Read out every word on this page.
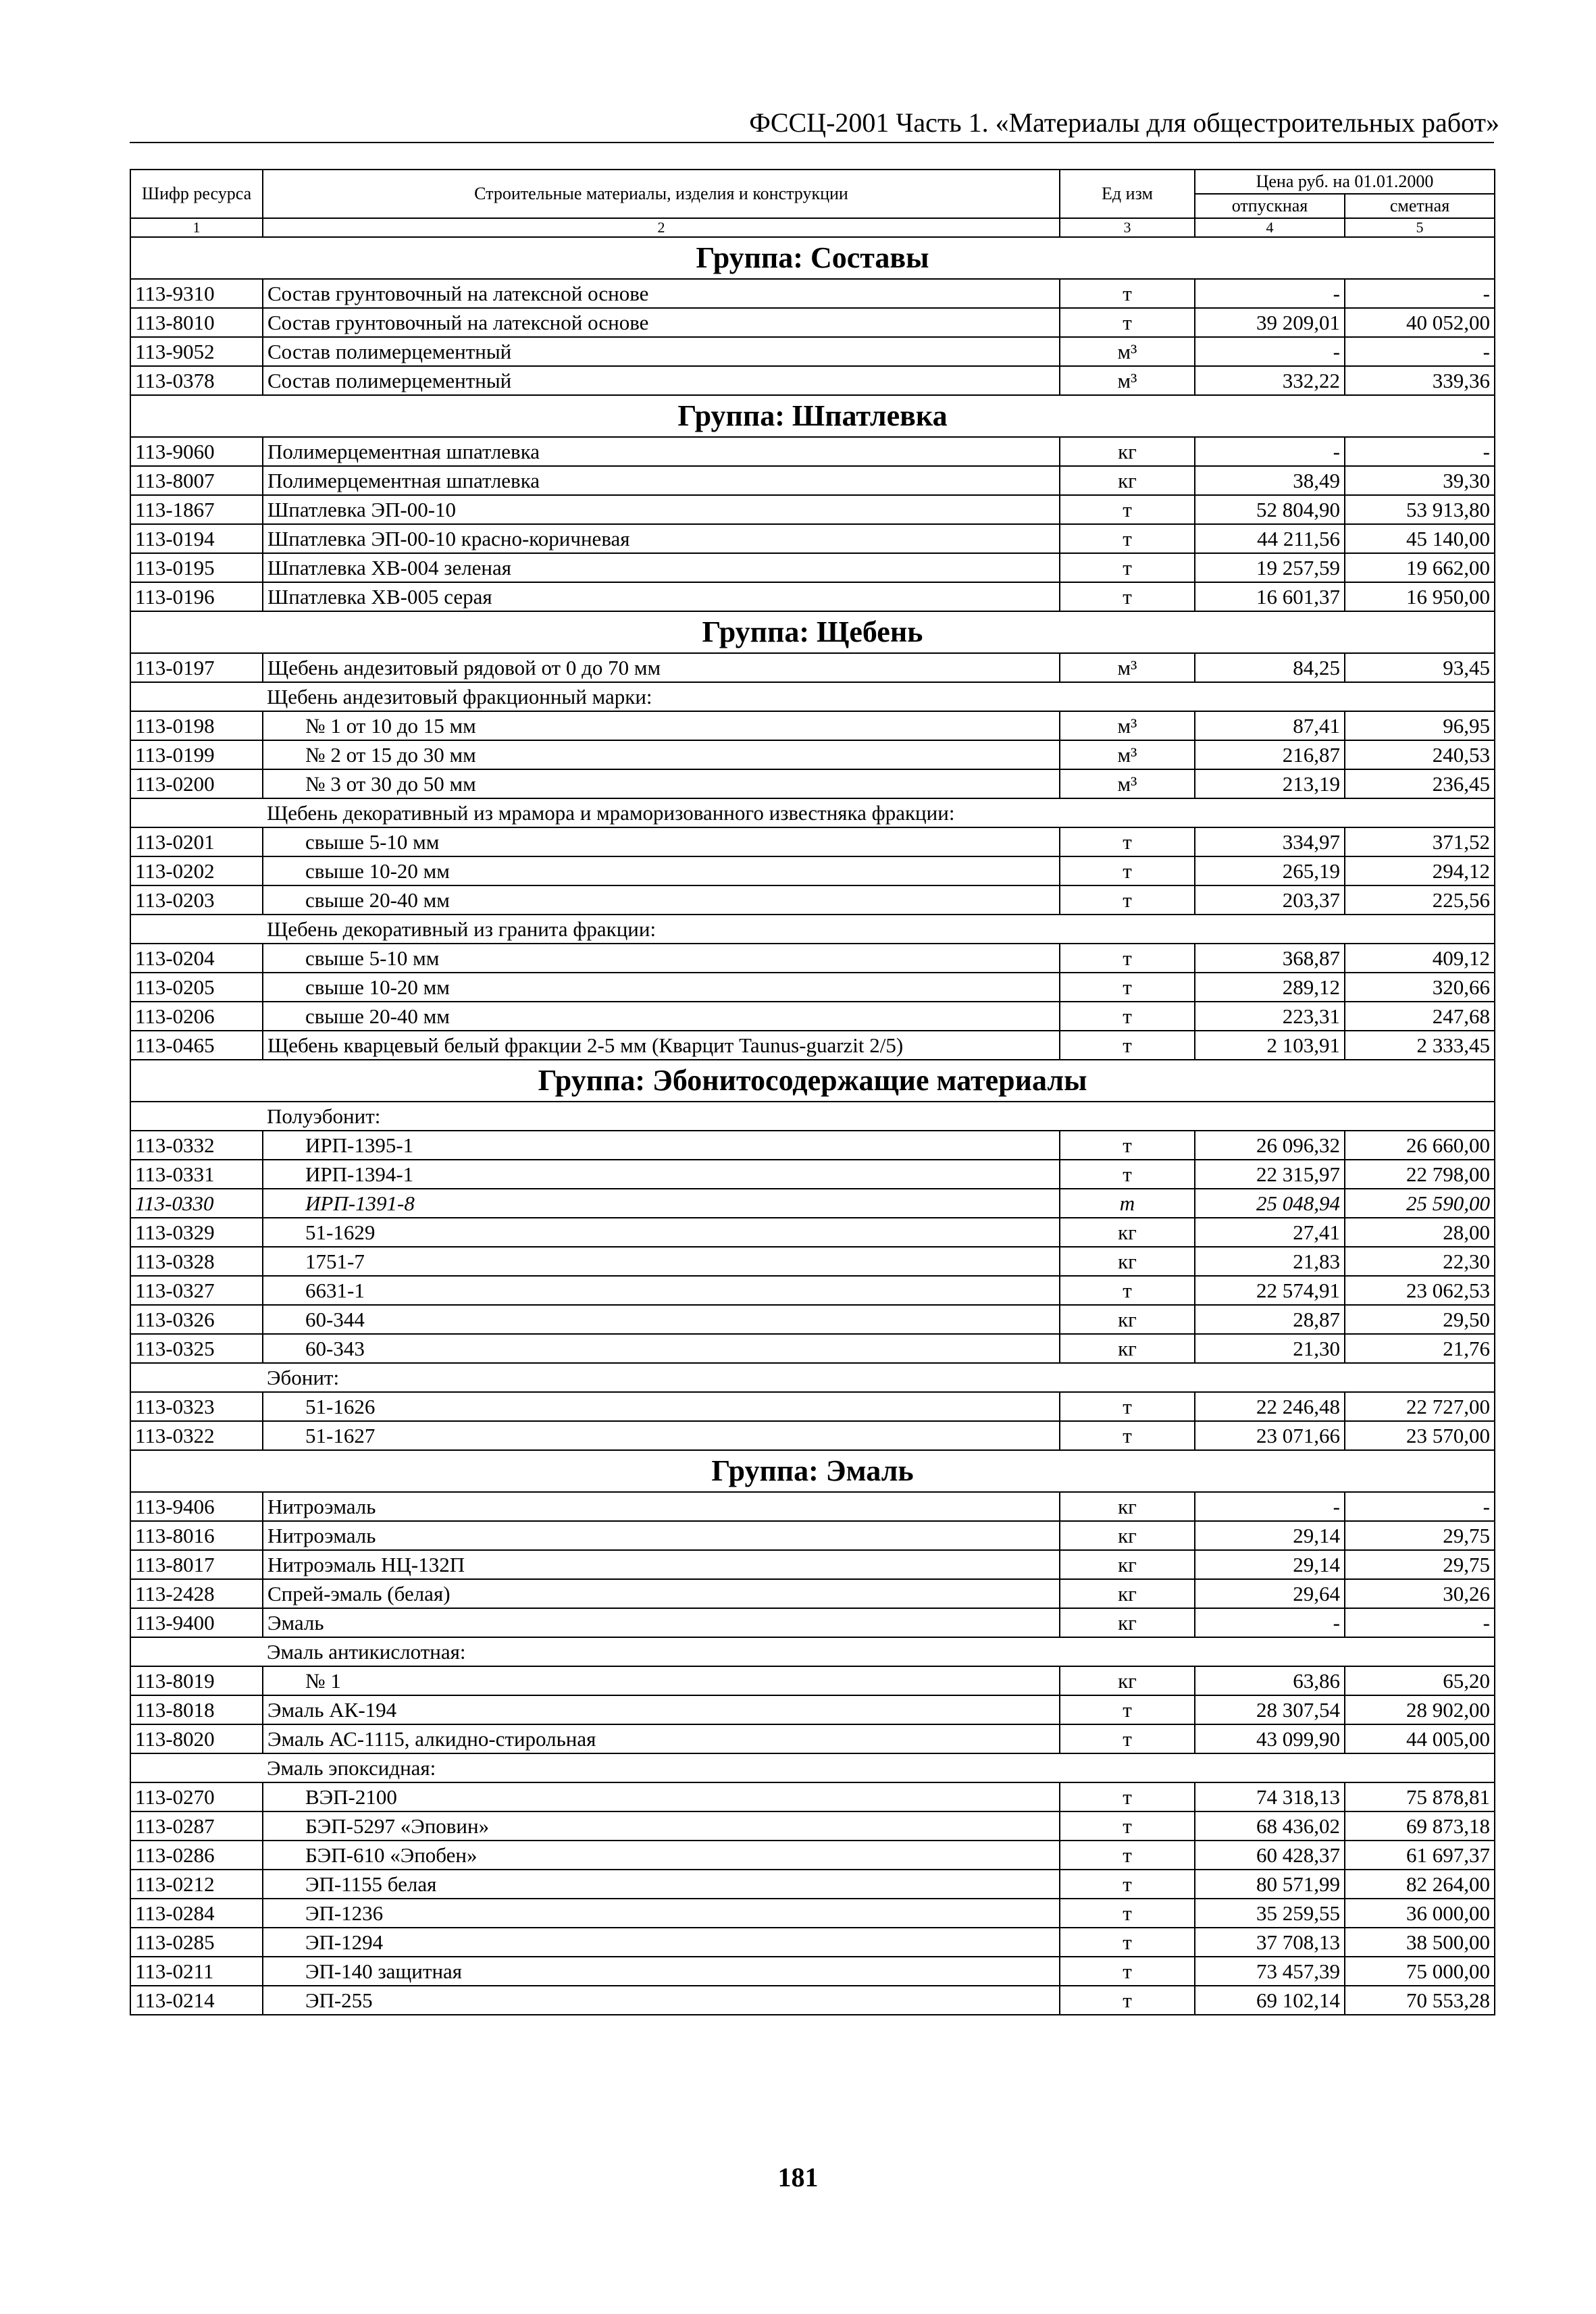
ФССЦ-2001 Часть 1. «Материалы для общестроительных работ»
Шифр ресурса	Строительные материалы, изделия и конструкции	Ед изм	Цена руб. на 01.01.2000	
			отпускная	сметная
1	2	3	4	5
Группа: Составы				
113-9310	Состав грунтовочный на латексной основе	т	-	-
113-8010	Состав грунтовочный на латексной основе	т	39 209,01	40 052,00
113-9052	Состав полимерцементный	м³	-	-
113-0378	Состав полимерцементный	м³	332,22	339,36
Группа: Шпатлевка				
113-9060	Полимерцементная шпатлевка	кг	-	-
113-8007	Полимерцементная шпатлевка	кг	38,49	39,30
113-1867	Шпатлевка ЭП-00-10	т	52 804,90	53 913,80
113-0194	Шпатлевка ЭП-00-10 красно-коричневая	т	44 211,56	45 140,00
113-0195	Шпатлевка ХВ-004 зеленая	т	19 257,59	19 662,00
113-0196	Шпатлевка ХВ-005 серая	т	16 601,37	16 950,00
Группа: Щебень				
113-0197	Щебень андезитовый рядовой от 0 до 70 мм	м³	84,25	93,45
	Щебень андезитовый фракционный марки:			
113-0198	№ 1 от 10 до 15 мм	м³	87,41	96,95
113-0199	№ 2 от 15 до 30 мм	м³	216,87	240,53
113-0200	№ 3 от 30 до 50 мм	м³	213,19	236,45
	Щебень декоративный из мрамора и мраморизованного известняка фракции:			
113-0201	свыше 5-10 мм	т	334,97	371,52
113-0202	свыше 10-20 мм	т	265,19	294,12
113-0203	свыше 20-40 мм	т	203,37	225,56
	Щебень декоративный из гранита фракции:			
113-0204	свыше 5-10 мм	т	368,87	409,12
113-0205	свыше 10-20 мм	т	289,12	320,66
113-0206	свыше 20-40 мм	т	223,31	247,68
113-0465	Щебень кварцевый белый фракции 2-5 мм (Кварцит Taunus-guarzit 2/5)	т	2 103,91	2 333,45
Группа: Эбонитосодержащие материалы				
	Полуэбонит:			
113-0332	ИРП-1395-1	т	26 096,32	26 660,00
113-0331	ИРП-1394-1	т	22 315,97	22 798,00
113-0330	ИРП-1391-8	т	25 048,94	25 590,00
113-0329	51-1629	кг	27,41	28,00
113-0328	1751-7	кг	21,83	22,30
113-0327	6631-1	т	22 574,91	23 062,53
113-0326	60-344	кг	28,87	29,50
113-0325	60-343	кг	21,30	21,76
	Эбонит:			
113-0323	51-1626	т	22 246,48	22 727,00
113-0322	51-1627	т	23 071,66	23 570,00
Группа: Эмаль				
113-9406	Нитроэмаль	кг	-	-
113-8016	Нитроэмаль	кг	29,14	29,75
113-8017	Нитроэмаль НЦ-132П	кг	29,14	29,75
113-2428	Спрей-эмаль (белая)	кг	29,64	30,26
113-9400	Эмаль	кг	-	-
	Эмаль антикислотная:			
113-8019	№ 1	кг	63,86	65,20
113-8018	Эмаль АК-194	т	28 307,54	28 902,00
113-8020	Эмаль АС-1115, алкидно-стирольная	т	43 099,90	44 005,00
	Эмаль эпоксидная:			
113-0270	ВЭП-2100	т	74 318,13	75 878,81
113-0287	БЭП-5297 «Эповин»	т	68 436,02	69 873,18
113-0286	БЭП-610 «Эпобен»	т	60 428,37	61 697,37
113-0212	ЭП-1155 белая	т	80 571,99	82 264,00
113-0284	ЭП-1236	т	35 259,55	36 000,00
113-0285	ЭП-1294	т	37 708,13	38 500,00
113-0211	ЭП-140 защитная	т	73 457,39	75 000,00
113-0214	ЭП-255	т	69 102,14	70 553,28
181
